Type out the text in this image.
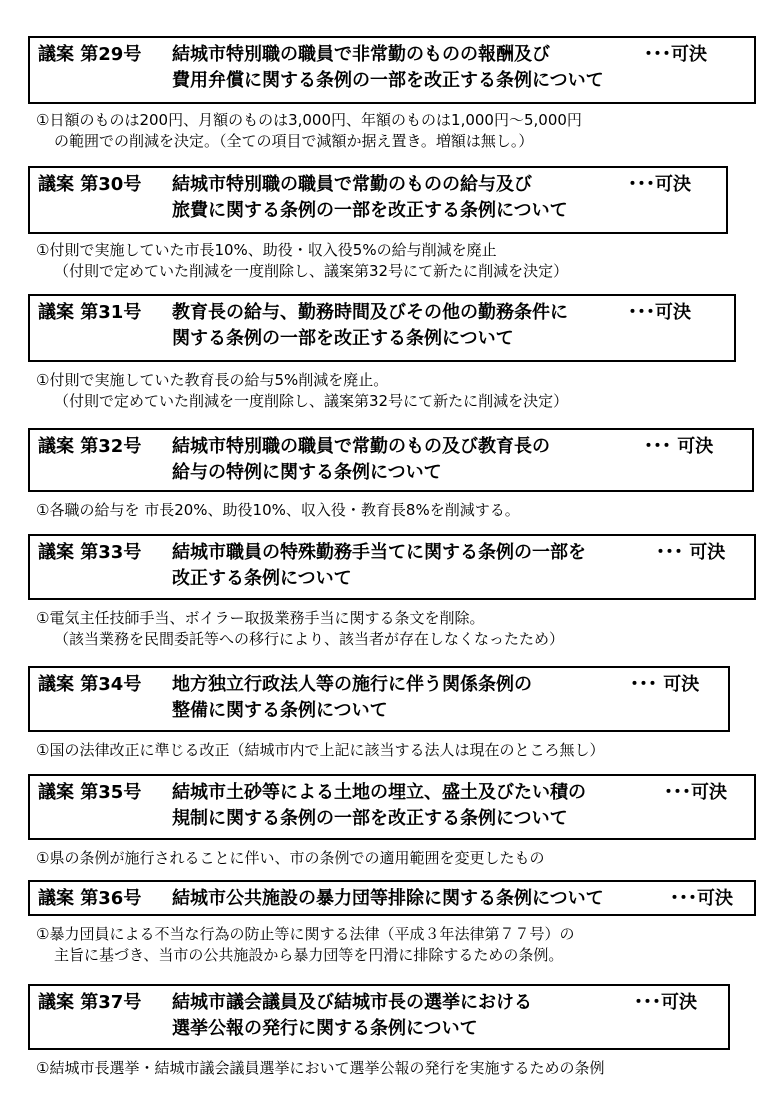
議案 第29号 結城市特別職の職員で非常勤のものの報酬及び
費用弁償に関する条例の一部を改正する条例について
･･･可決
①日額のものは200円、月額のものは3,000円、年額のものは1,000円～5,000円
の範囲での削減を決定。（全ての項目で減額か据え置き。増額は無し。）
議案 第30号 結城市特別職の職員で常勤のものの給与及び
旅費に関する条例の一部を改正する条例について
･･･可決
①付則で実施していた市長10%、助役・収入役5%の給与削減を廃止
（付則で定めていた削減を一度削除し、議案第32号にて新たに削減を決定）
議案 第31号 教育長の給与、勤務時間及びその他の勤務条件に
関する条例の一部を改正する条例について
･･･可決
①付則で実施していた教育長の給与5%削減を廃止。
（付則で定めていた削減を一度削除し、議案第32号にて新たに削減を決定）
議案 第32号 結城市特別職の職員で常勤のもの及び教育長の
給与の特例に関する条例について
･･･ 可決
①各職の給与を 市長20%、助役10%、収入役・教育長8%を削減する。
議案 第33号 結城市職員の特殊勤務手当てに関する条例の一部を
改正する条例について
･･･ 可決
①電気主任技師手当、ボイラー取扱業務手当に関する条文を削除。
（該当業務を民間委託等への移行により、該当者が存在しなくなったため）
議案 第34号 地方独立行政法人等の施行に伴う関係条例の
整備に関する条例について
･･･ 可決
①国の法律改正に準じる改正（結城市内で上記に該当する法人は現在のところ無し）
議案 第35号 結城市土砂等による土地の埋立、盛土及びたい積の
規制に関する条例の一部を改正する条例について
･･･可決
①県の条例が施行されることに伴い、市の条例での適用範囲を変更したもの
議案 第36号 結城市公共施設の暴力団等排除に関する条例について	･･･可決
①暴力団員による不当な行為の防止等に関する法律（平成３年法律第７７号）の
主旨に基づき、当市の公共施設から暴力団等を円滑に排除するための条例。
議案 第37号 結城市議会議員及び結城市長の選挙における
選挙公報の発行に関する条例について
･･･可決
①結城市長選挙・結城市議会議員選挙において選挙公報の発行を実施するための条例
